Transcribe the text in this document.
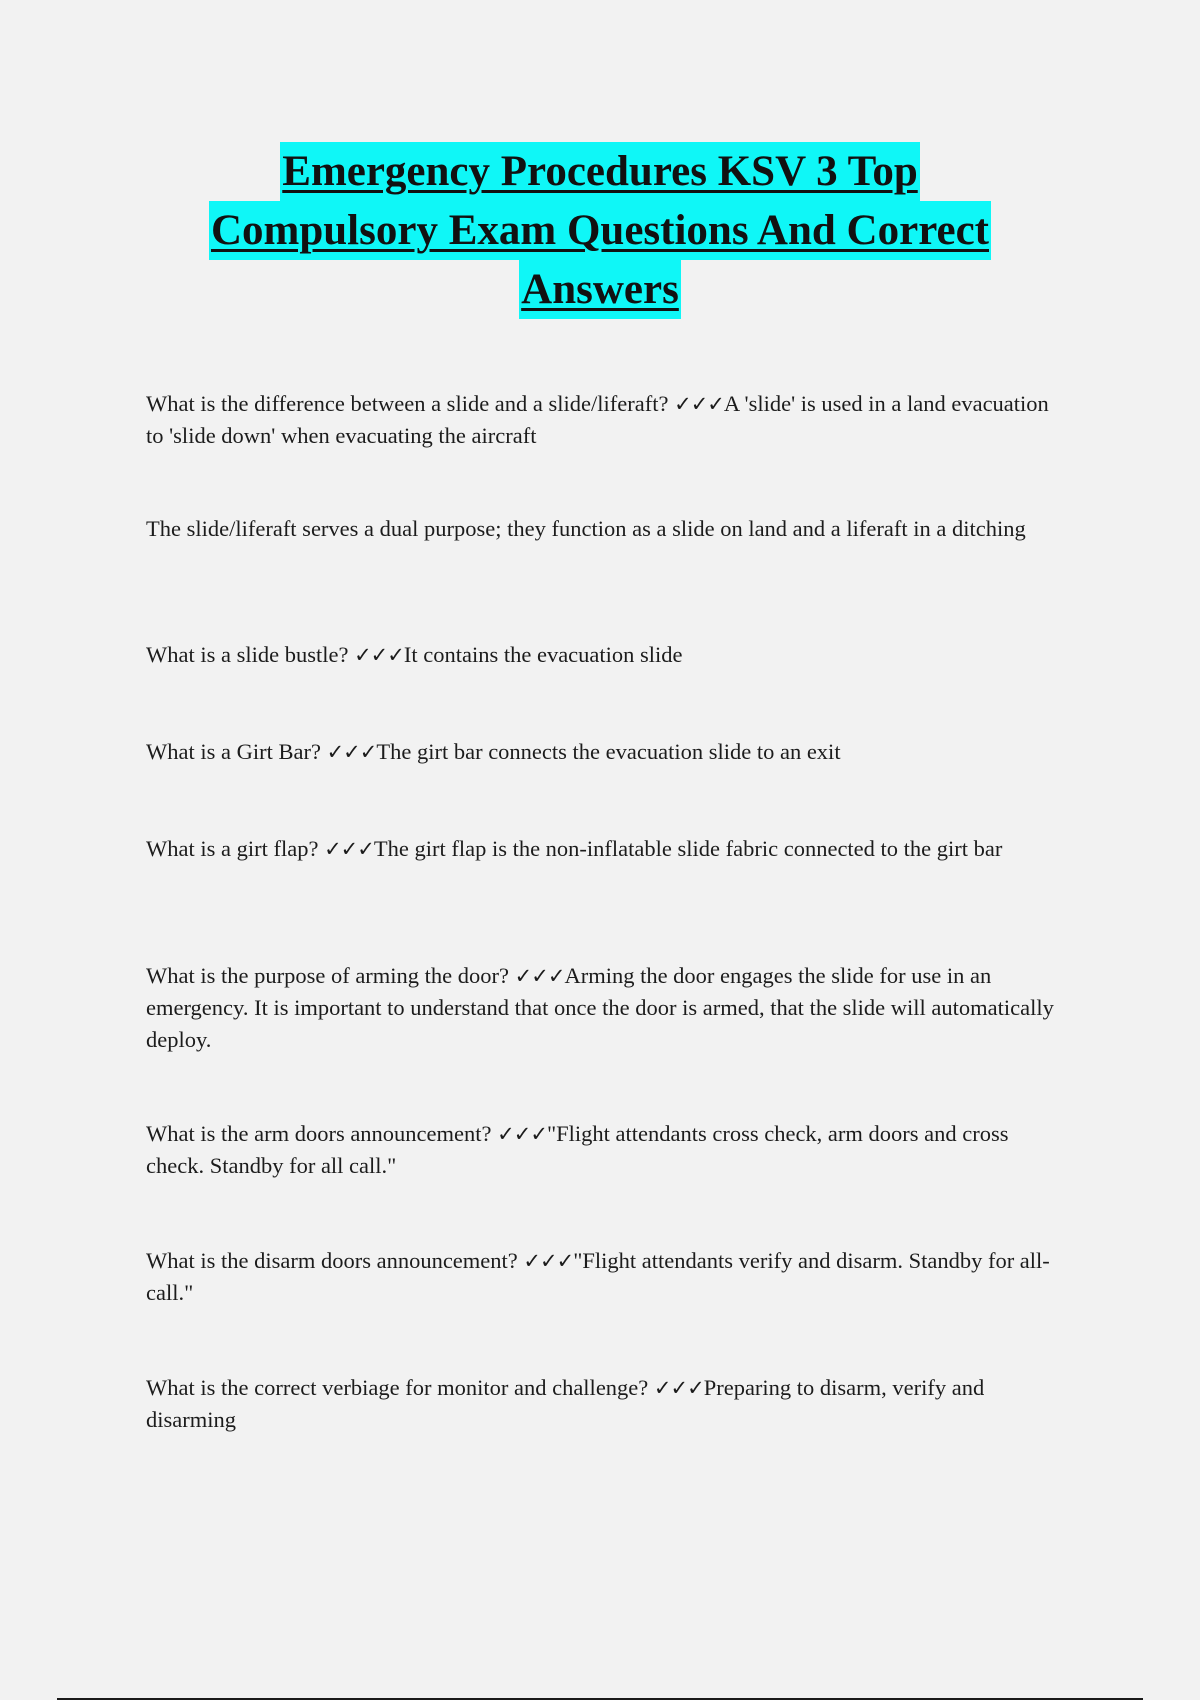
Emergency Procedures KSV 3 Top
Compulsory Exam Questions And Correct
Answers

What is the difference between a slide and a slide/liferaft? ✓✓✓A 'slide' is used in a land evacuation to 'slide down' when evacuating the aircraft

The slide/liferaft serves a dual purpose; they function as a slide on land and a liferaft in a ditching

What is a slide bustle? ✓✓✓It contains the evacuation slide

What is a Girt Bar? ✓✓✓The girt bar connects the evacuation slide to an exit

What is a girt flap? ✓✓✓The girt flap is the non-inflatable slide fabric connected to the girt bar

What is the purpose of arming the door? ✓✓✓Arming the door engages the slide for use in an emergency. It is important to understand that once the door is armed, that the slide will automatically deploy.

What is the arm doors announcement? ✓✓✓"Flight attendants cross check, arm doors and cross check. Standby for all call."

What is the disarm doors announcement? ✓✓✓"Flight attendants verify and disarm. Standby for all-call."

What is the correct verbiage for monitor and challenge? ✓✓✓Preparing to disarm, verify and disarming
